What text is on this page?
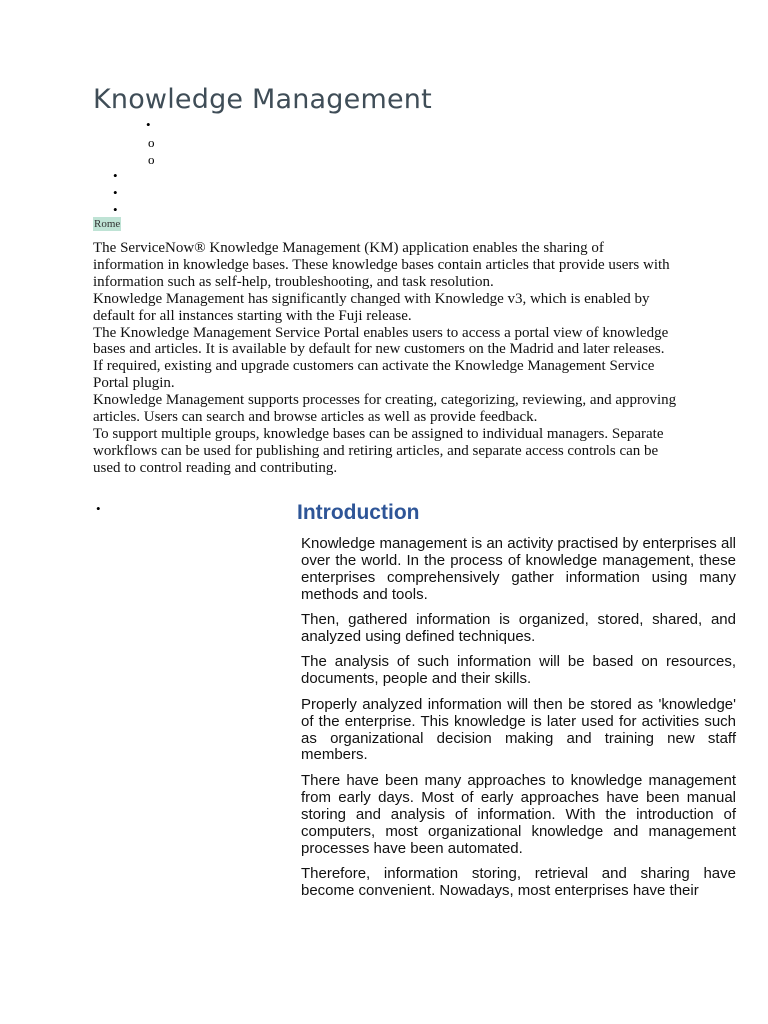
Knowledge Management
•
o
o
•
•
•
Rome

The ServiceNow® Knowledge Management (KM) application enables the sharing of information in knowledge bases. These knowledge bases contain articles that provide users with information such as self-help, troubleshooting, and task resolution.

Knowledge Management has significantly changed with Knowledge v3, which is enabled by default for all instances starting with the Fuji release.

The Knowledge Management Service Portal enables users to access a portal view of knowledge bases and articles. It is available by default for new customers on the Madrid and later releases. If required, existing and upgrade customers can activate the Knowledge Management Service Portal plugin.

Knowledge Management supports processes for creating, categorizing, reviewing, and approving articles. Users can search and browse articles as well as provide feedback.

To support multiple groups, knowledge bases can be assigned to individual managers. Separate workflows can be used for publishing and retiring articles, and separate access controls can be used to control reading and contributing.

•	Introduction

Knowledge management is an activity practised by enterprises all over the world. In the process of knowledge management, these enterprises comprehensively gather information using many methods and tools.

Then, gathered information is organized, stored, shared, and analyzed using defined techniques.

The analysis of such information will be based on resources, documents, people and their skills.

Properly analyzed information will then be stored as 'knowledge' of the enterprise. This knowledge is later used for activities such as organizational decision making and training new staff members.

There have been many approaches to knowledge management from early days. Most of early approaches have been manual storing and analysis of information. With the introduction of computers, most organizational knowledge and management processes have been automated.

Therefore, information storing, retrieval and sharing have become convenient. Nowadays, most enterprises have their
